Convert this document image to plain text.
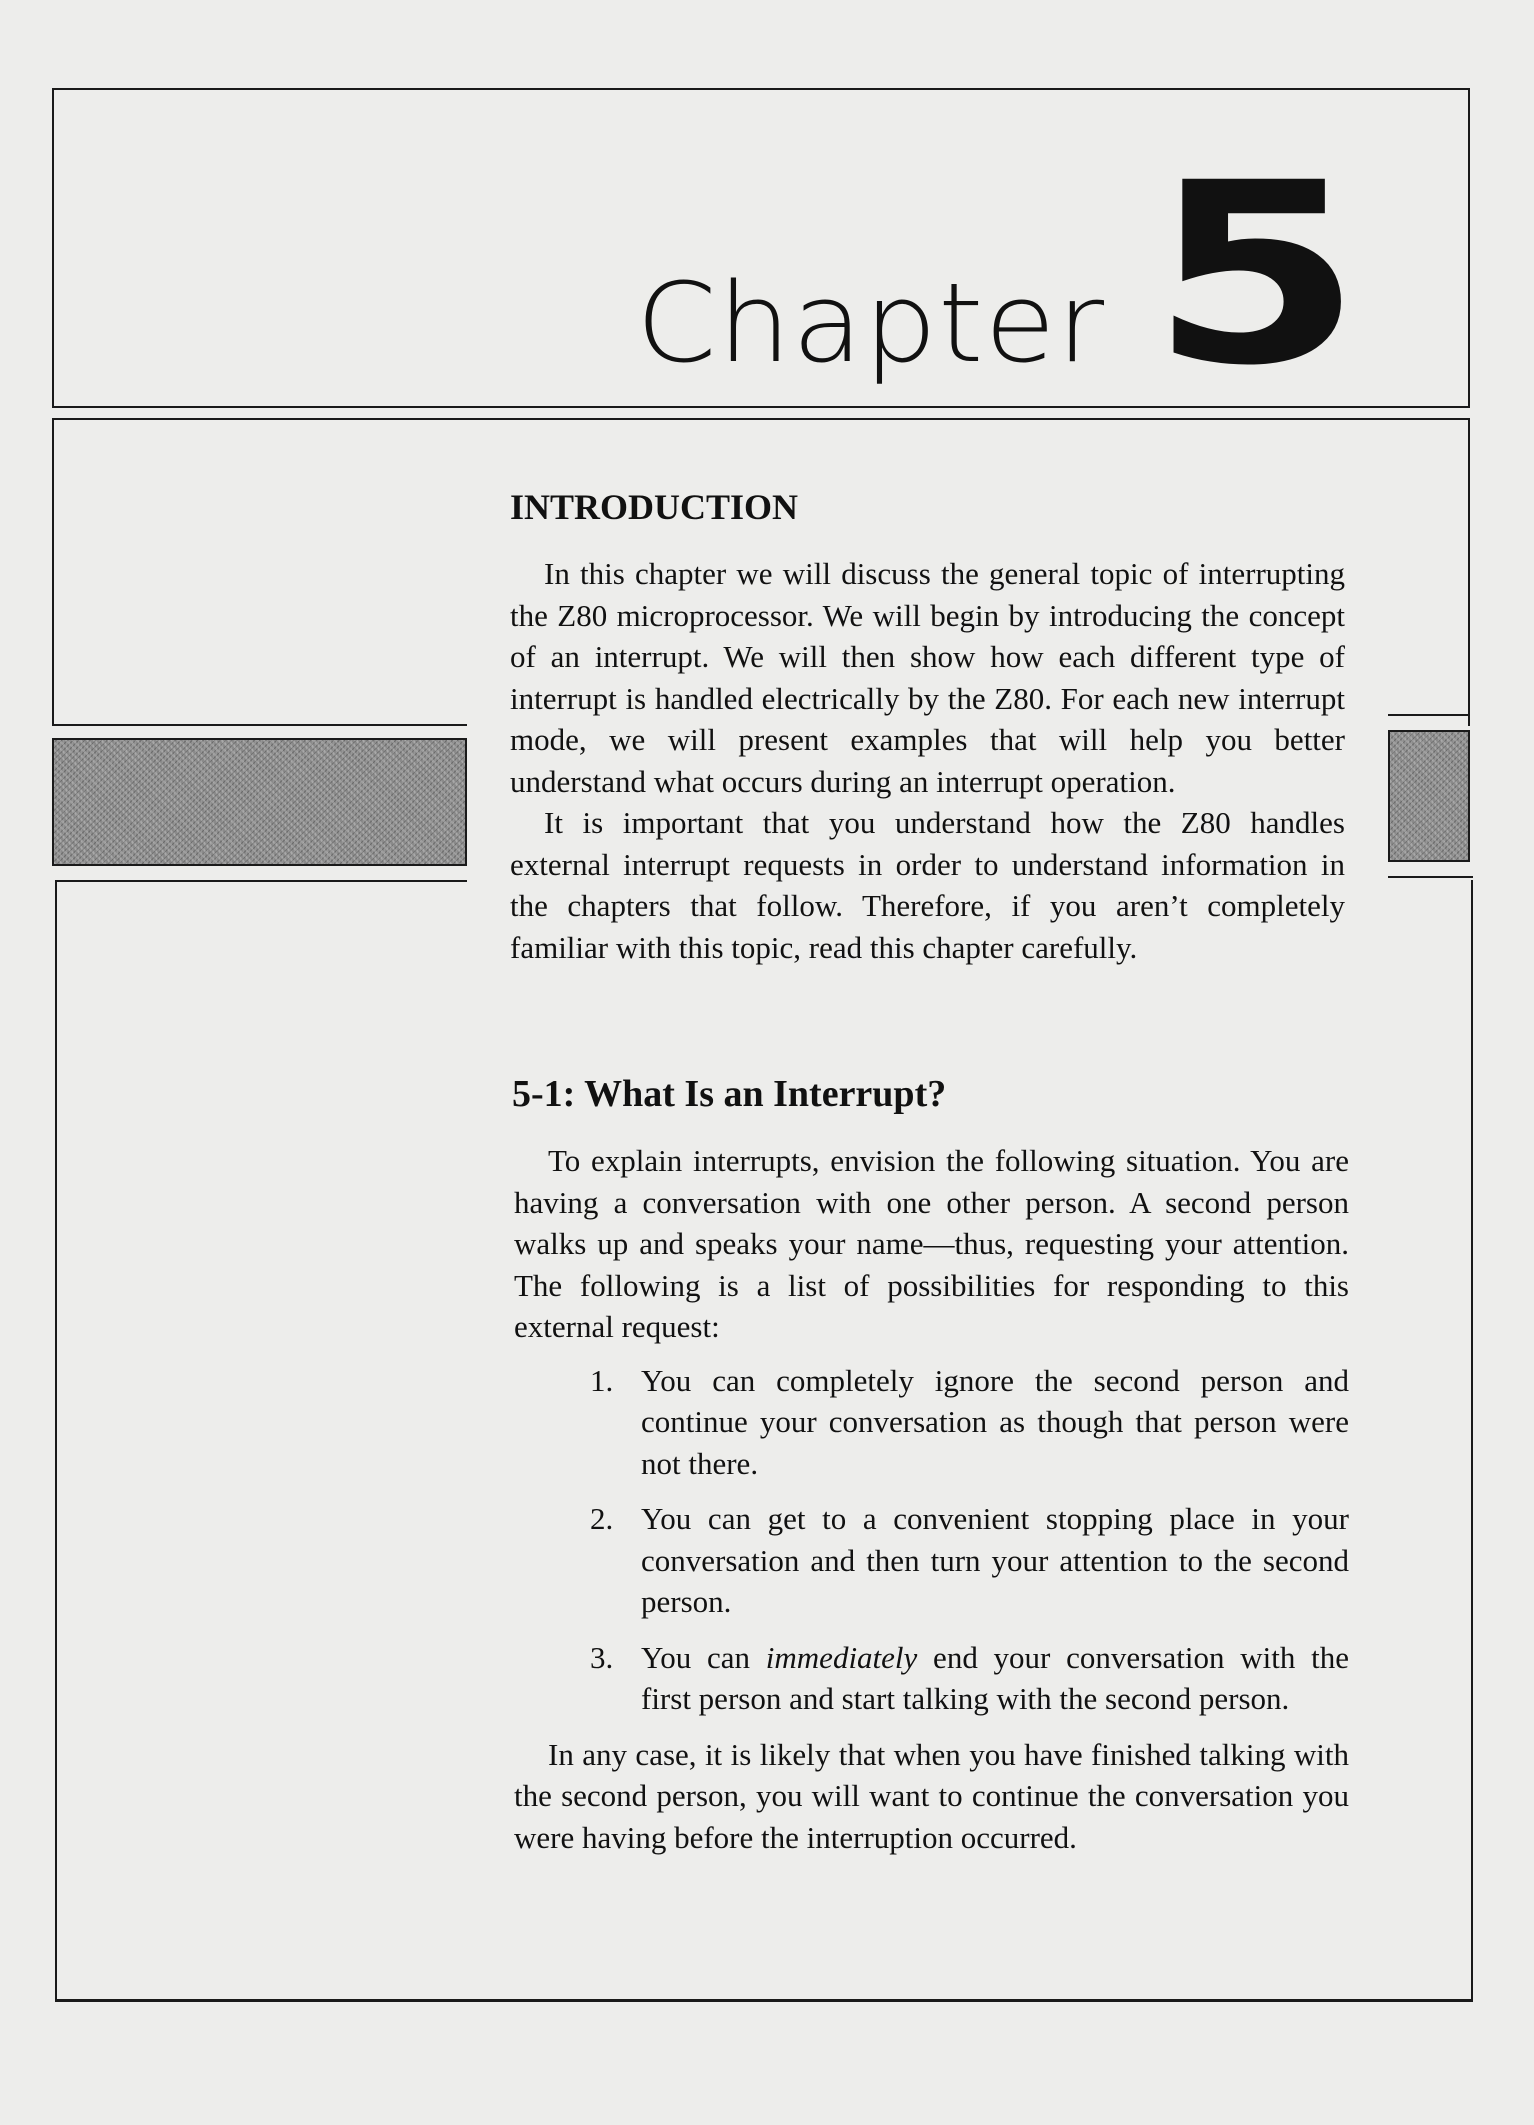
Chapter 5
INTRODUCTION

In this chapter we will discuss the general topic of interrupting the Z80 microprocessor. We will begin by introducing the concept of an interrupt. We will then show how each different type of interrupt is handled electrically by the Z80. For each new interrupt mode, we will present examples that will help you better understand what occurs during an interrupt operation.

It is important that you understand how the Z80 handles external interrupt requests in order to understand information in the chapters that follow. Therefore, if you aren’t completely familiar with this topic, read this chapter carefully.

5-1: What Is an Interrupt?

To explain interrupts, envision the following situation. You are having a conversation with one other person. A second person walks up and speaks your name—thus, requesting your attention. The following is a list of possibilities for responding to this external request:

1. You can completely ignore the second person and continue your conversation as though that person were not there.
2. You can get to a convenient stopping place in your conversation and then turn your attention to the second person.
3. You can immediately end your conversation with the first person and start talking with the second person.

In any case, it is likely that when you have finished talking with the second person, you will want to continue the conversation you were having before the interruption occurred.
